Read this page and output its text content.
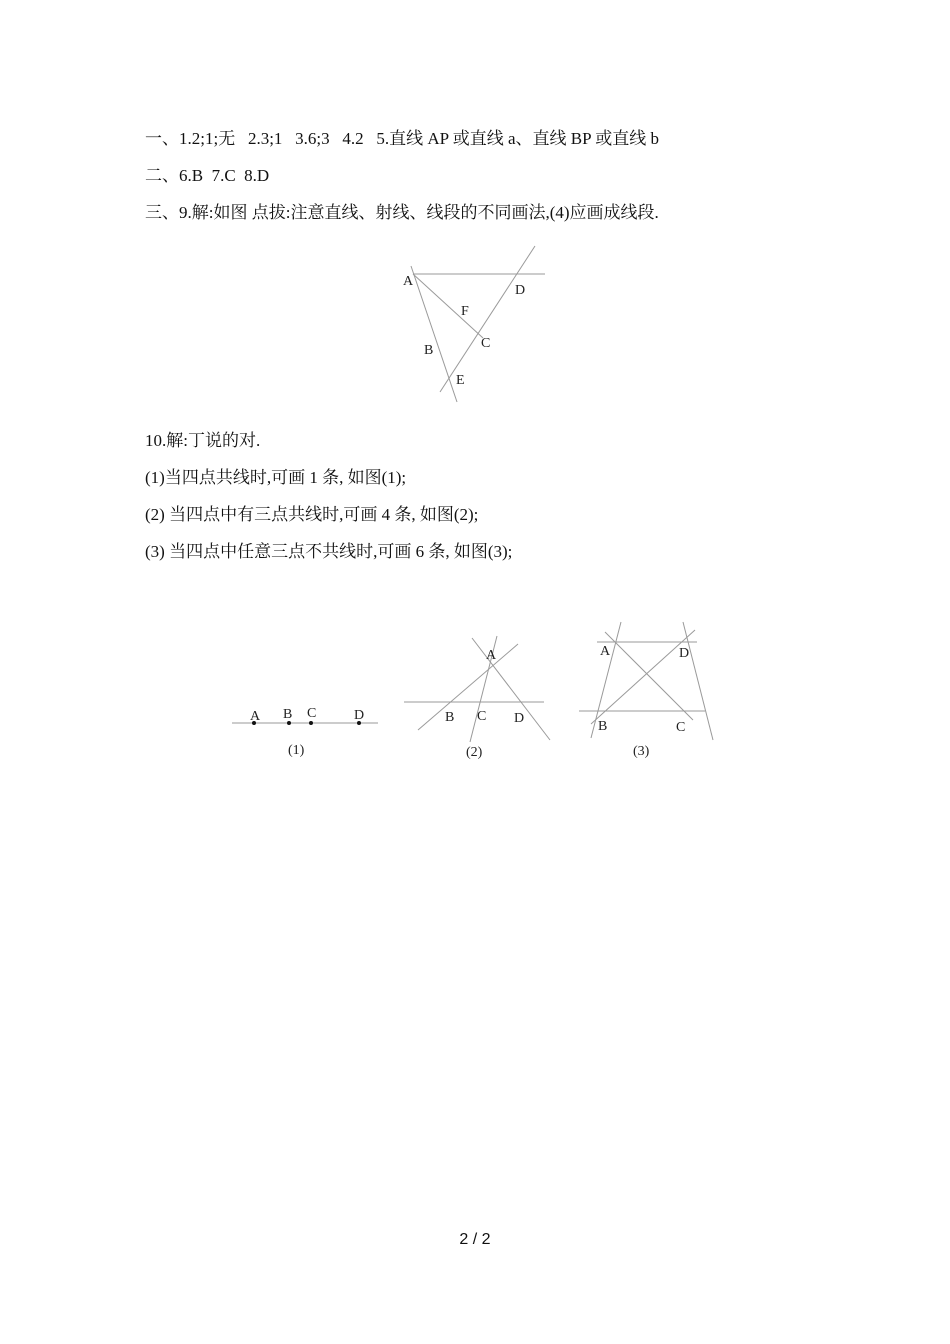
一、1.2;1;无   2.3;1   3.6;3   4.2   5.直线 AP 或直线 a、直线 BP 或直线 b
二、6.B  7.C  8.D
三、9.解:如图 点拔:注意直线、射线、线段的不同画法,(4)应画成线段.
A
D
F
C
B
E
10.解:丁说的对.
(1)当四点共线时,可画 1 条, 如图(1);
(2) 当四点中有三点共线时,可画 4 条, 如图(2);
(3) 当四点中任意三点不共线时,可画 6 条, 如图(3);
A B C	D
(1)
A
B C D
(2)
A	D
B	C
(3)
2 / 2
